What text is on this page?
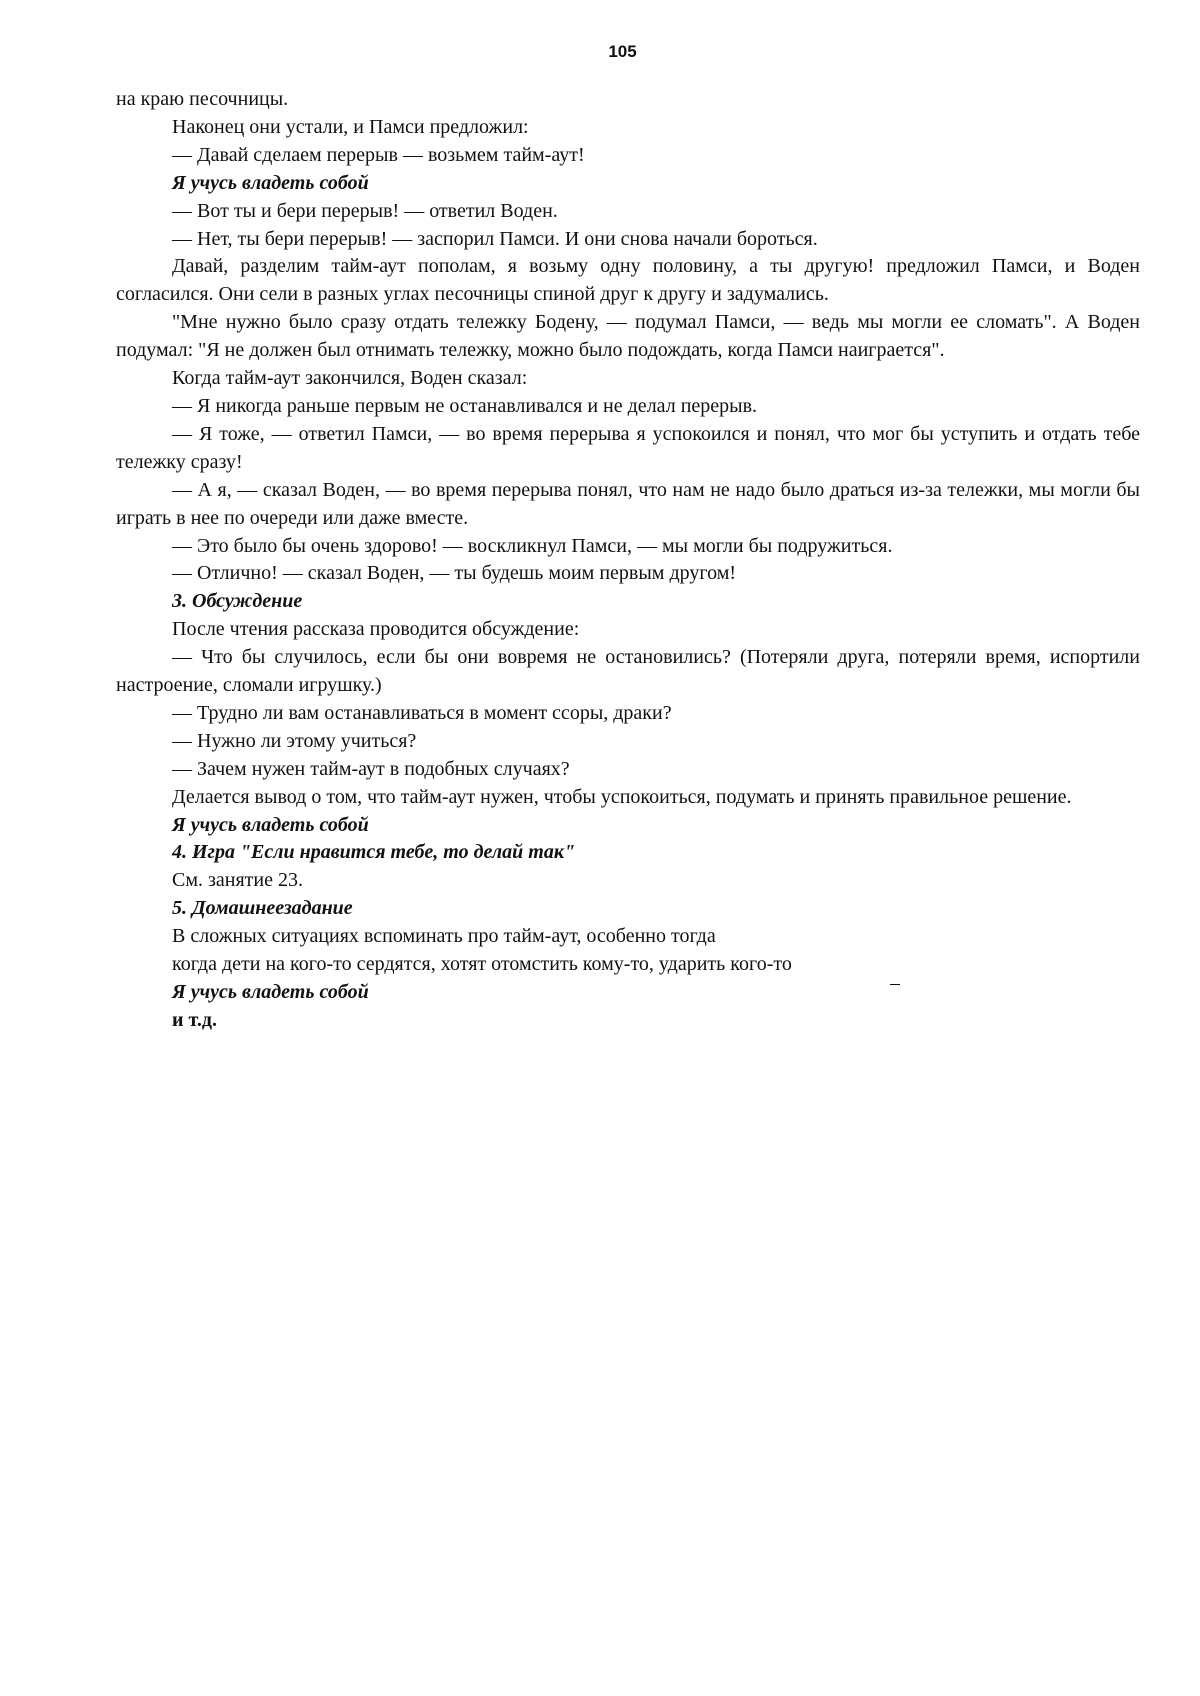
105

на краю песочницы.

Наконец они устали, и Памси предложил:

— Давай сделаем перерыв — возьмем тайм-аут!

Я учусь владеть собой

— Вот ты и бери перерыв! — ответил Воден.

— Нет, ты бери перерыв! — заспорил Памси. И они снова начали бороться.

Давай, разделим тайм-аут пополам, я возьму одну половину, а ты другую! предложил Памси, и Воден согласился. Они сели в разных углах песочницы спиной друг к другу и задумались.

"Мне нужно было сразу отдать тележку Бодену, — подумал Памси, — ведь мы могли ее сломать". А Воден подумал: "Я не должен был отнимать тележку, можно было подождать, когда Памси наиграется".

Когда тайм-аут закончился, Воден сказал:

— Я никогда раньше первым не останавливался и не делал перерыв.

— Я тоже, — ответил Памси, — во время перерыва я успокоился и понял, что мог бы уступить и отдать тебе тележку сразу!

— А я, — сказал Воден, — во время перерыва понял, что нам не надо было драться из-за тележки, мы могли бы играть в нее по очереди или даже вместе.

— Это было бы очень здорово! — воскликнул Памси, — мы могли бы подружиться.

— Отлично! — сказал Воден, — ты будешь моим первым другом!

3. Обсуждение

После чтения рассказа проводится обсуждение:

— Что бы случилось, если бы они вовремя не остановились? (Потеряли друга, потеряли время, испортили настроение, сломали игрушку.)

— Трудно ли вам останавливаться в момент ссоры, драки?

— Нужно ли этому учиться?

— Зачем нужен тайм-аут в подобных случаях?

Делается вывод о том, что тайм-аут нужен, чтобы успокоиться, подумать и принять правильное решение.

Я учусь владеть собой

4. Игра "Если нравится тебе, то делай так"

См. занятие 23.

5. Домашнеезадание

В сложных ситуациях вспоминать про тайм-аут, особенно тогда

когда дети на кого-то сердятся, хотят отомстить кому-то, ударить кого-то

Я учусь владеть собой

и т.д.
